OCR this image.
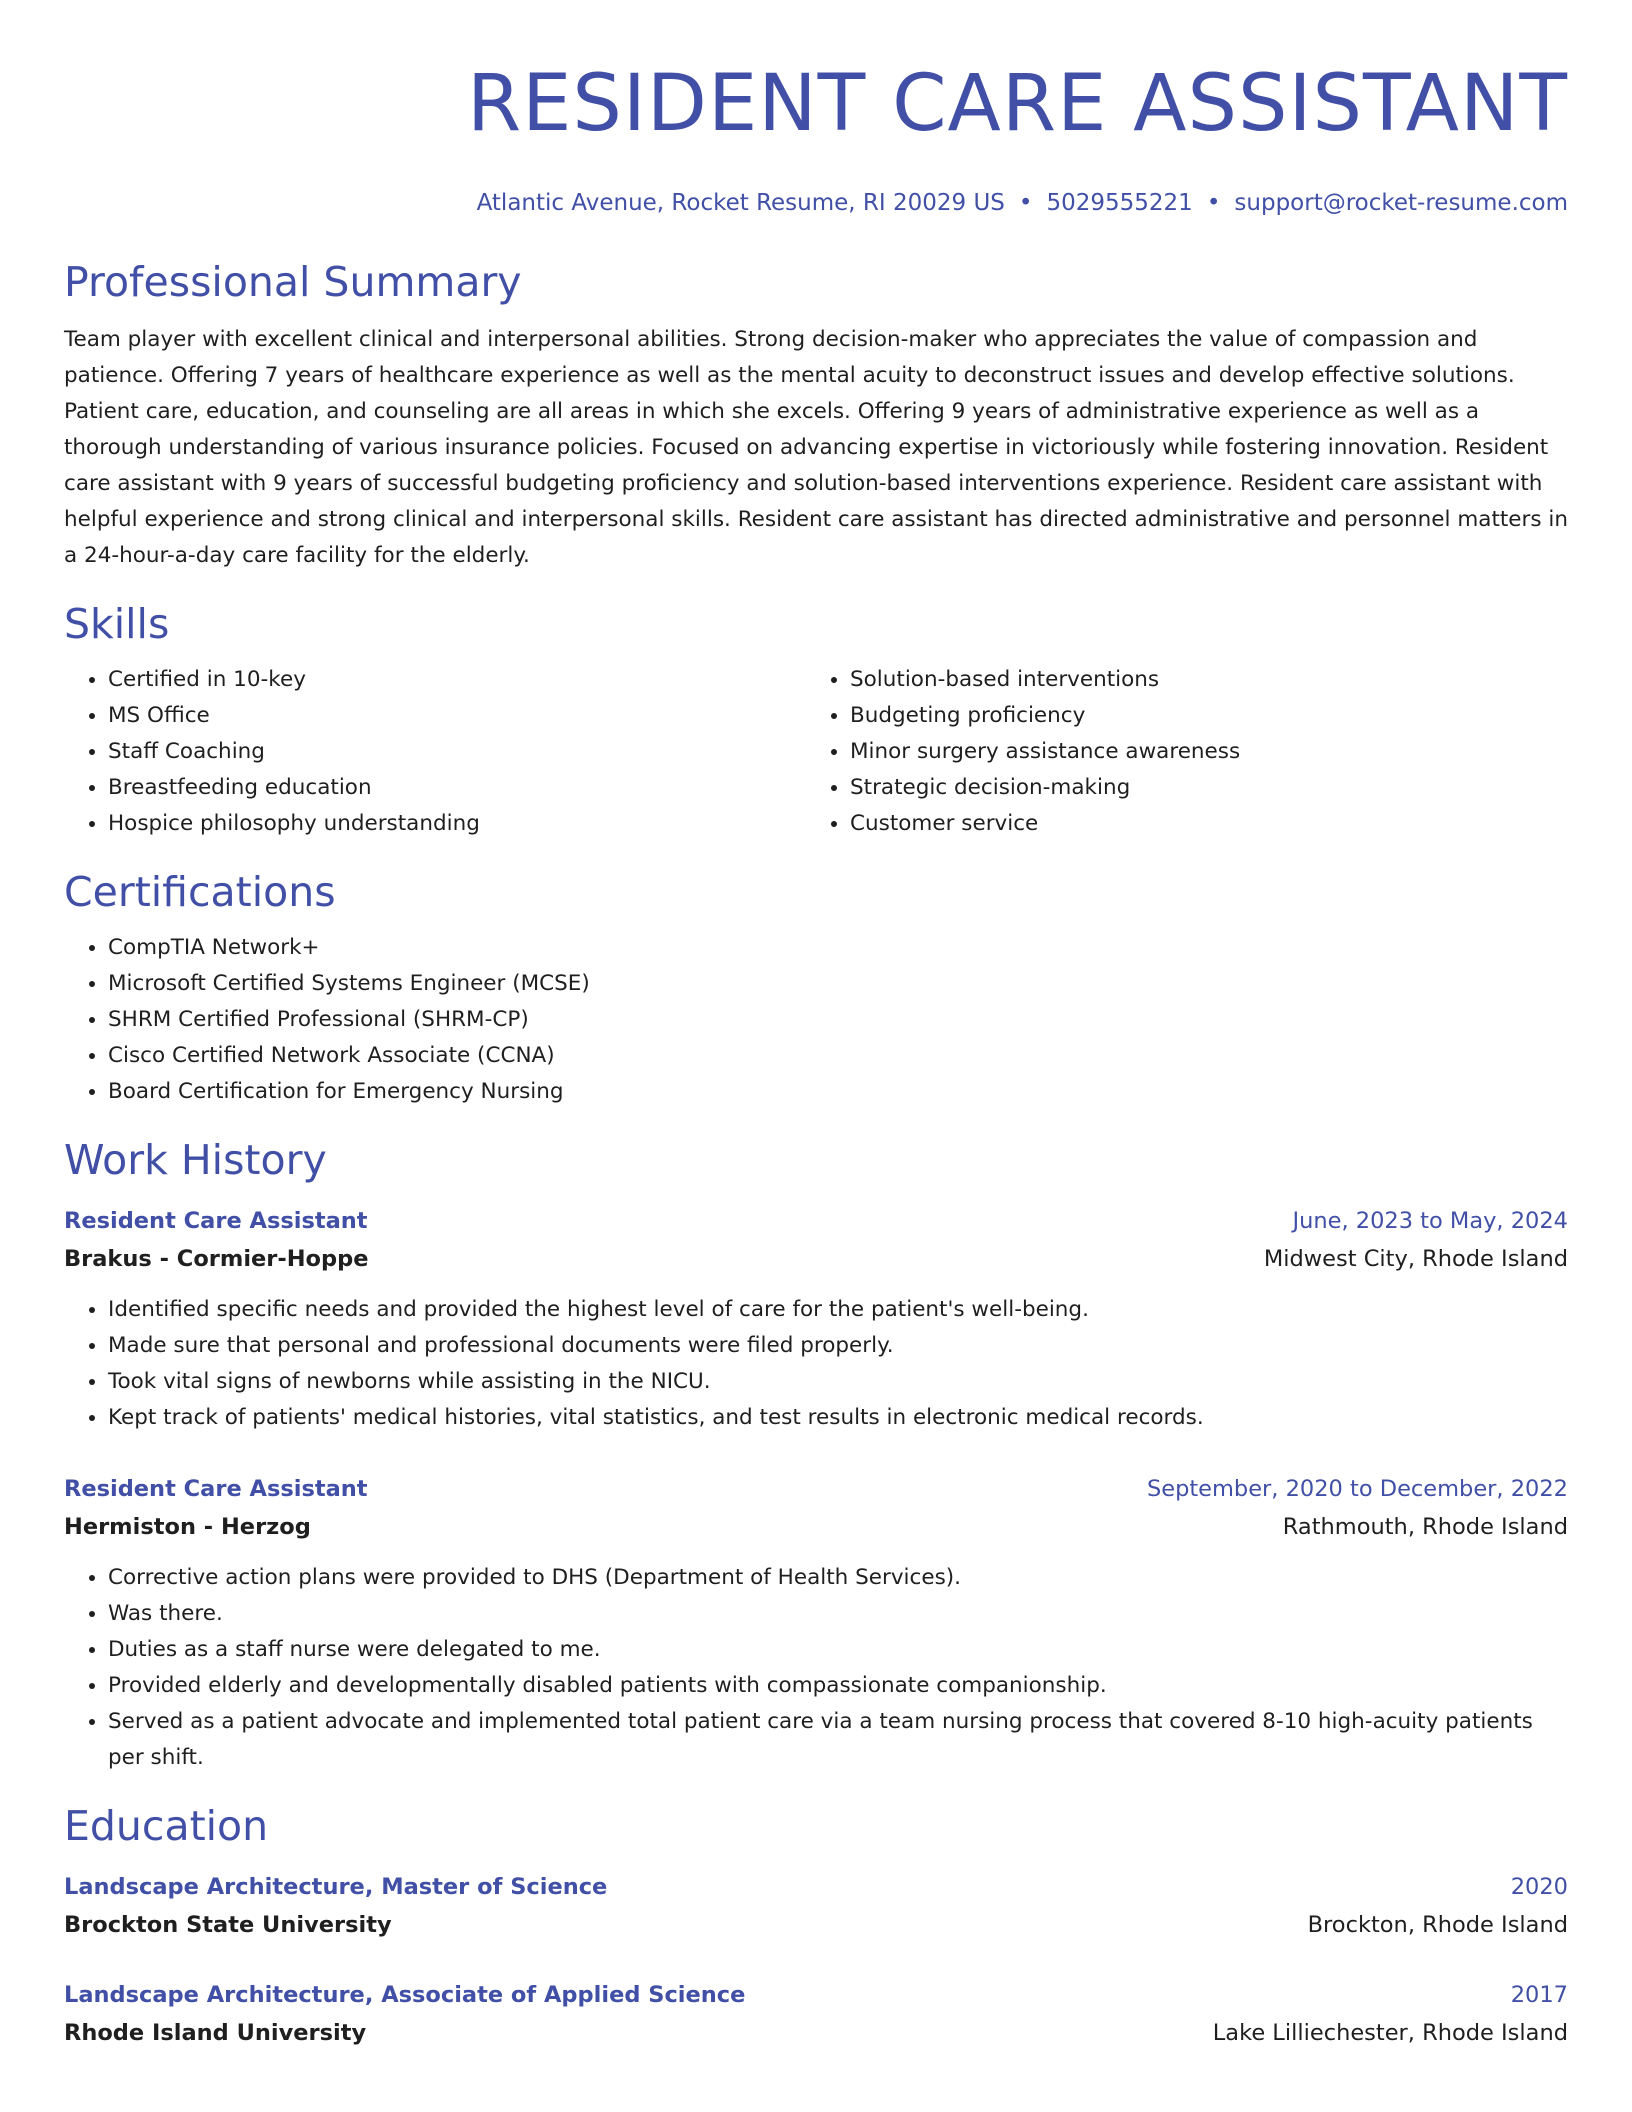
RESIDENT CARE ASSISTANT
Atlantic Avenue, Rocket Resume, RI 20029 US • 5029555221 • support@rocket-resume.com
Professional Summary
Team player with excellent clinical and interpersonal abilities. Strong decision-maker who appreciates the value of compassion and patience. Offering 7 years of healthcare experience as well as the mental acuity to deconstruct issues and develop effective solutions. Patient care, education, and counseling are all areas in which she excels. Offering 9 years of administrative experience as well as a thorough understanding of various insurance policies. Focused on advancing expertise in victoriously while fostering innovation. Resident care assistant with 9 years of successful budgeting proficiency and solution-based interventions experience. Resident care assistant with helpful experience and strong clinical and interpersonal skills. Resident care assistant has directed administrative and personnel matters in a 24-hour-a-day care facility for the elderly.
Skills
• Certified in 10-key
• MS Office
• Staff Coaching
• Breastfeeding education
• Hospice philosophy understanding
• Solution-based interventions
• Budgeting proficiency
• Minor surgery assistance awareness
• Strategic decision-making
• Customer service
Certifications
• CompTIA Network+
• Microsoft Certified Systems Engineer (MCSE)
• SHRM Certified Professional (SHRM-CP)
• Cisco Certified Network Associate (CCNA)
• Board Certification for Emergency Nursing
Work History
Resident Care Assistant	June, 2023 to May, 2024
Brakus - Cormier-Hoppe	Midwest City, Rhode Island
• Identified specific needs and provided the highest level of care for the patient's well-being.
• Made sure that personal and professional documents were filed properly.
• Took vital signs of newborns while assisting in the NICU.
• Kept track of patients' medical histories, vital statistics, and test results in electronic medical records.
Resident Care Assistant	September, 2020 to December, 2022
Hermiston - Herzog	Rathmouth, Rhode Island
• Corrective action plans were provided to DHS (Department of Health Services).
• Was there.
• Duties as a staff nurse were delegated to me.
• Provided elderly and developmentally disabled patients with compassionate companionship.
• Served as a patient advocate and implemented total patient care via a team nursing process that covered 8-10 high-acuity patients per shift.
Education
Landscape Architecture, Master of Science	2020
Brockton State University	Brockton, Rhode Island
Landscape Architecture, Associate of Applied Science	2017
Rhode Island University	Lake Lilliechester, Rhode Island
